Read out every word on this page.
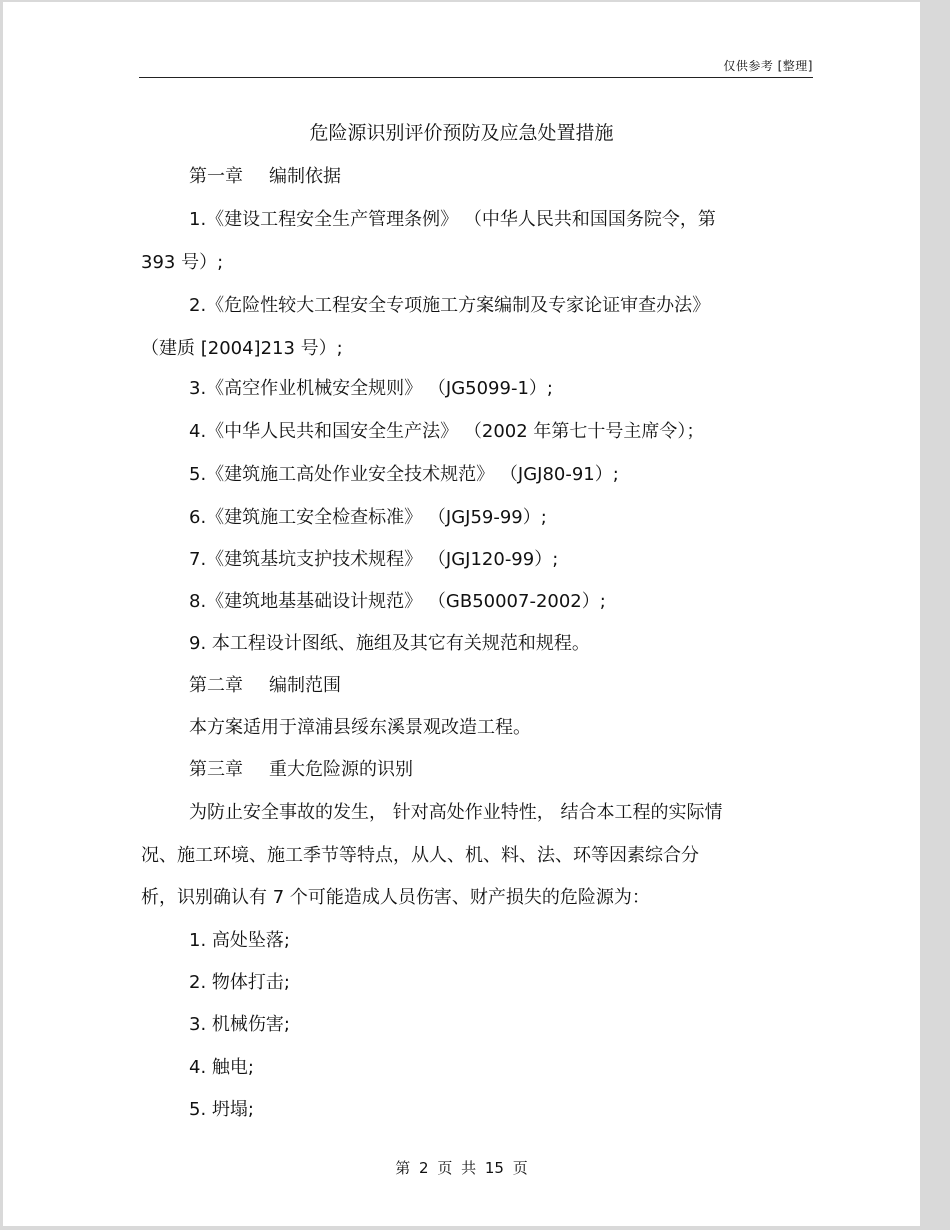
仅供参考 [整理]
危险源识别评价预防及应急处置措施
第一章 编制依据
1.《建设工程安全生产管理条例》 （中华人民共和国国务院令，第
393 号）;
2.《危险性较大工程安全专项施工方案编制及专家论证审查办法》
（建质 [2004]213 号）;
3.《高空作业机械安全规则》 （JG5099-1）;
4.《中华人民共和国安全生产法》 （2002 年第七十号主席令）；
5.《建筑施工高处作业安全技术规范》 （JGJ80-91）;
6.《建筑施工安全检查标准》 （JGJ59-99）;
7.《建筑基坑支护技术规程》 （JGJ120-99）;
8.《建筑地基基础设计规范》 （GB50007-2002）;
9. 本工程设计图纸、施组及其它有关规范和规程。
第二章 编制范围
本方案适用于漳浦县绥东溪景观改造工程。
第三章 重大危险源的识别
为防止安全事故的发生， 针对高处作业特性， 结合本工程的实际情
况、施工环境、施工季节等特点，从人、机、料、法、环等因素综合分
析，识别确认有 7 个可能造成人员伤害、财产损失的危险源为：
1. 高处坠落;
2. 物体打击;
3. 机械伤害;
4. 触电;
5. 坍塌;
第 2 页 共 15 页
